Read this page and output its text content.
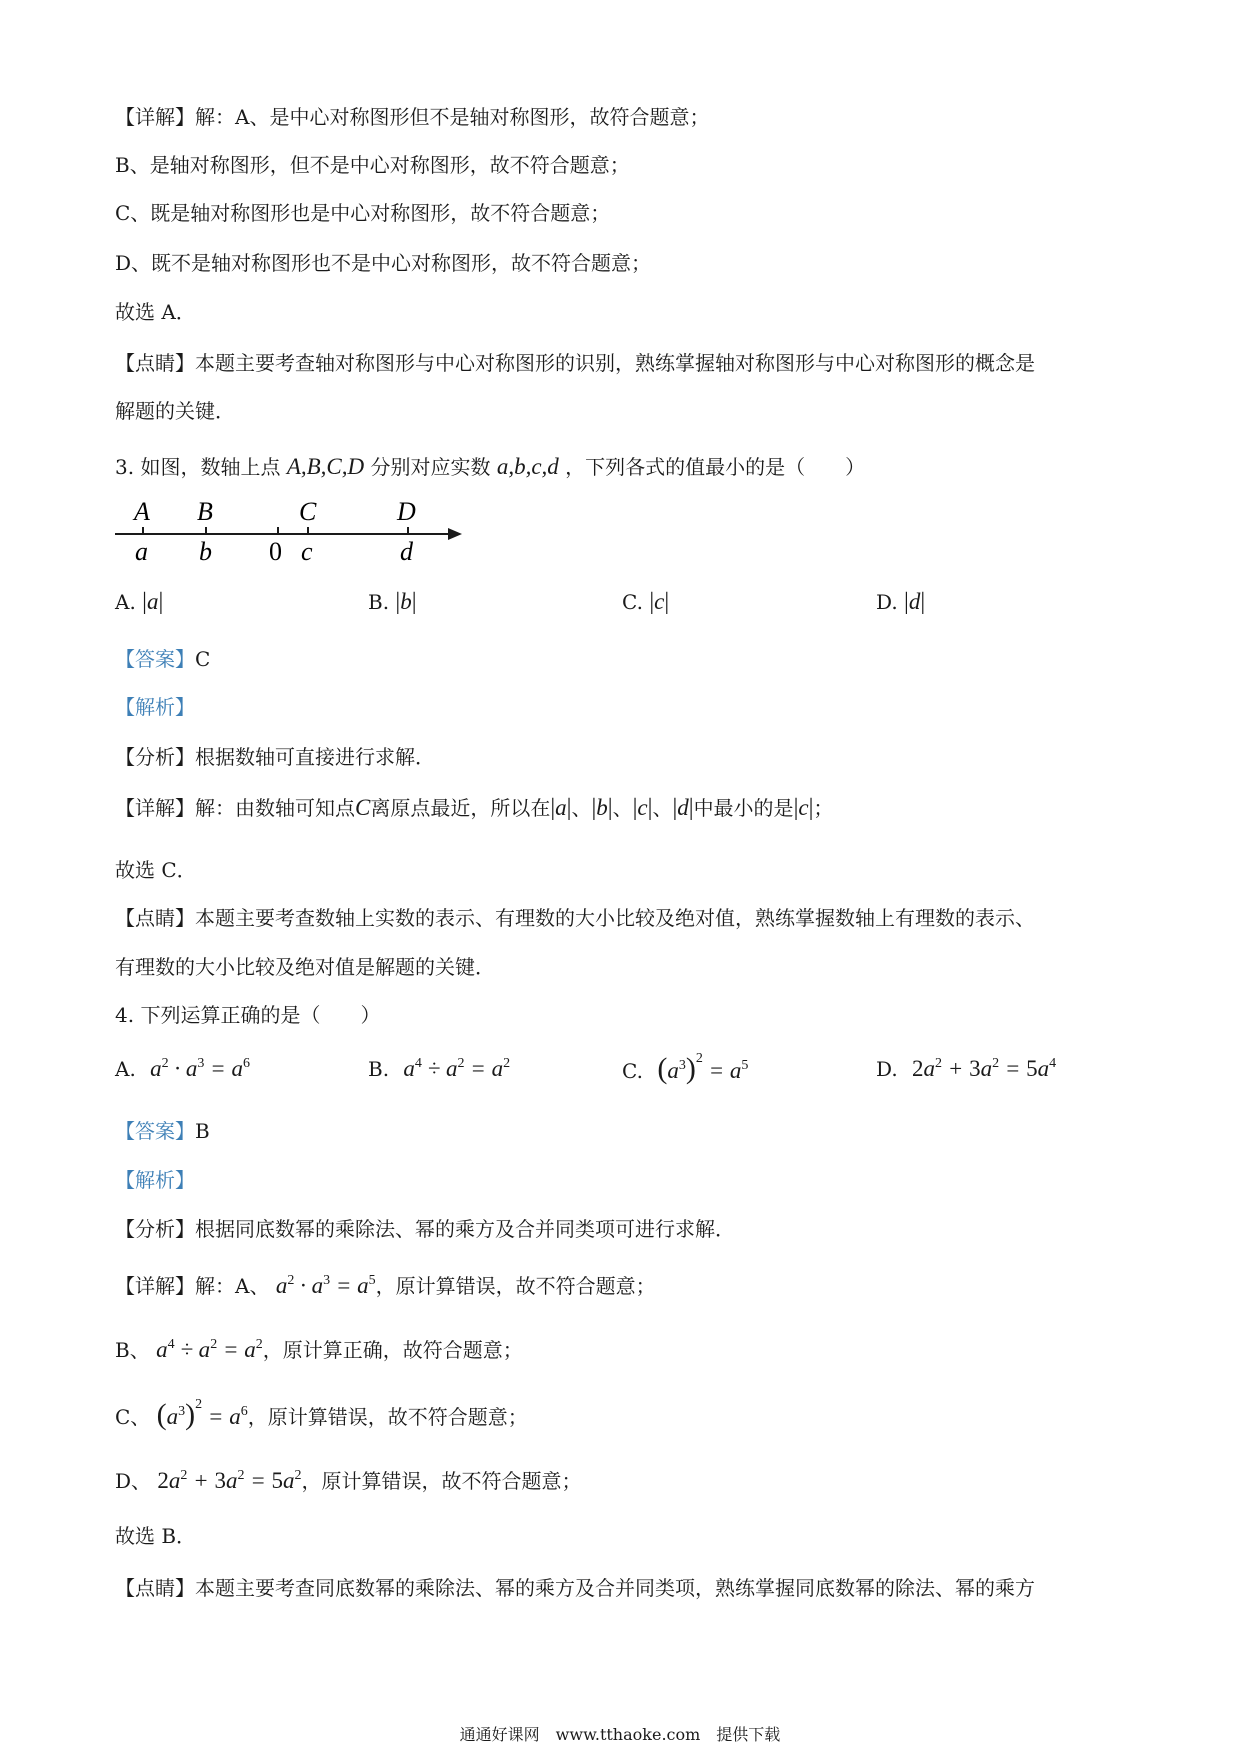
【详解】解：A、是中心对称图形但不是轴对称图形，故符合题意；
B、是轴对称图形，但不是中心对称图形，故不符合题意；
C、既是轴对称图形也是中心对称图形，故不符合题意；
D、既不是轴对称图形也不是中心对称图形，故不符合题意；
故选 A．
【点睛】本题主要考查轴对称图形与中心对称图形的识别，熟练掌握轴对称图形与中心对称图形的概念是
解题的关键．
3. 如图，数轴上点 A,B,C,D 分别对应实数 a,b,c,d ，下列各式的值最小的是（　　）
A B	C	D
a b 0 c	d
A. |a|	B. |b|	C. |c|	D. |d|
【答案】C
【解析】
【分析】根据数轴可直接进行求解．
【详解】解：由数轴可知点C离原点最近，所以在|a|、|b|、|c|、|d|中最小的是|c|；
故选 C．
【点睛】本题主要考查数轴上实数的表示、有理数的大小比较及绝对值，熟练掌握数轴上有理数的表示、
有理数的大小比较及绝对值是解题的关键．
4. 下列运算正确的是（　　）
A. $a^2 \cdot a^3 = a^6$	B. $a^4 \div a^2 = a^2$	C. $(a^3)^2 = a^5$	D. $2a^2 + 3a^2 = 5a^4$
【答案】B
【解析】
【分析】根据同底数幂的乘除法、幂的乘方及合并同类项可进行求解．
【详解】解：A、 $a^2 \cdot a^3 = a^5$，原计算错误，故不符合题意；
B、 $a^4 \div a^2 = a^2$，原计算正确，故符合题意；
C、 $(a^3)^2 = a^6$，原计算错误，故不符合题意；
D、 $2a^2 + 3a^2 = 5a^2$，原计算错误，故不符合题意；
故选 B．
【点睛】本题主要考查同底数幂的乘除法、幂的乘方及合并同类项，熟练掌握同底数幂的除法、幂的乘方
通通好课网　www.tthaoke.com　提供下载
